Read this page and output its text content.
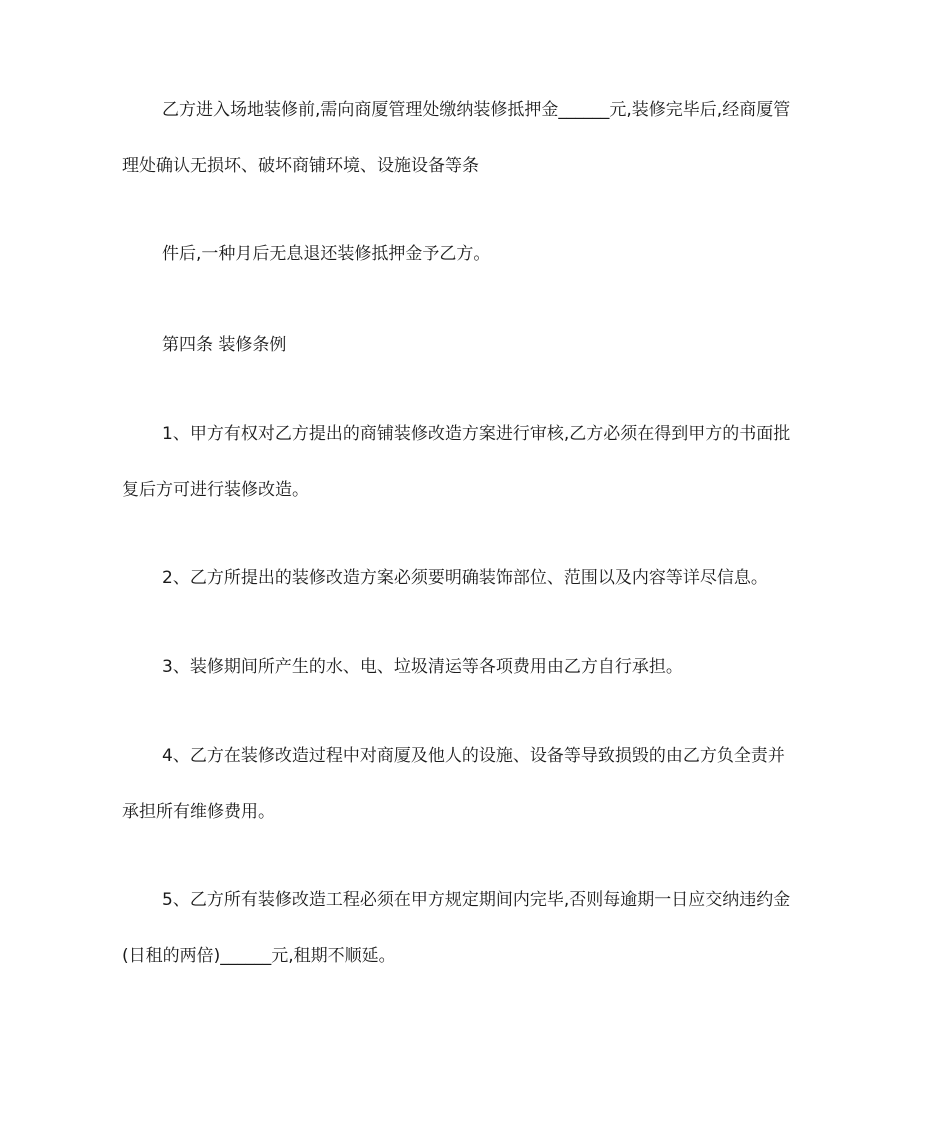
乙方进入场地装修前,需向商厦管理处缴纳装修抵押金______元,装修完毕后,经商厦管
理处确认无损坏、破坏商铺环境、设施设备等条
件后,一种月后无息退还装修抵押金予乙方。
第四条 装修条例
1、甲方有权对乙方提出的商铺装修改造方案进行审核,乙方必须在得到甲方的书面批
复后方可进行装修改造。
2、乙方所提出的装修改造方案必须要明确装饰部位、范围以及内容等详尽信息。
3、装修期间所产生的水、电、垃圾清运等各项费用由乙方自行承担。
4、乙方在装修改造过程中对商厦及他人的设施、设备等导致损毁的由乙方负全责并
承担所有维修费用。
5、乙方所有装修改造工程必须在甲方规定期间内完毕,否则每逾期一日应交纳违约金
(日租的两倍)______元,租期不顺延。
